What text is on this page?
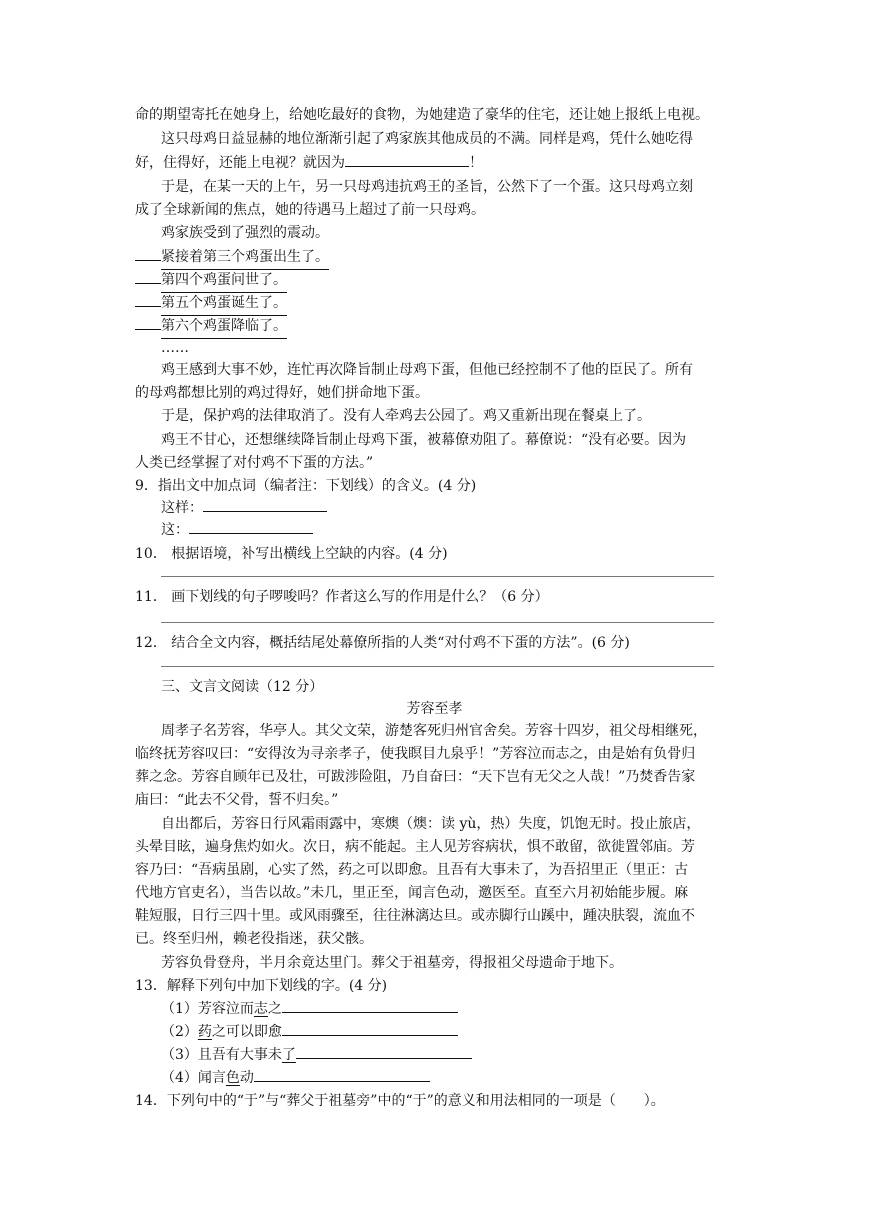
命的期望寄托在她身上，给她吃最好的食物，为她建造了豪华的住宅，还让她上报纸上电视。
这只母鸡日益显赫的地位渐渐引起了鸡家族其他成员的不满。同样是鸡，凭什么她吃得
好，住得好，还能上电视？就因为	！
于是，在某一天的上午，另一只母鸡违抗鸡王的圣旨，公然下了一个蛋。这只母鸡立刻
成了全球新闻的焦点，她的待遇马上超过了前一只母鸡。
鸡家族受到了强烈的震动。
紧接着第三个鸡蛋出生了。
第四个鸡蛋问世了。
第五个鸡蛋诞生了。
第六个鸡蛋降临了。
……
鸡王感到大事不妙，连忙再次降旨制止母鸡下蛋，但他已经控制不了他的臣民了。所有
的母鸡都想比别的鸡过得好，她们拼命地下蛋。
于是，保护鸡的法律取消了。没有人牵鸡去公园了。鸡又重新出现在餐桌上了。
鸡王不甘心，还想继续降旨制止母鸡下蛋，被幕僚劝阻了。幕僚说：“没有必要。因为
人类已经掌握了对付鸡不下蛋的方法。”
9．指出文中加点词（编者注：下划线）的含义。(4 分)
这样：
这：
10． 根据语境，补写出横线上空缺的内容。(4 分)
11． 画下划线的句子啰唆吗？作者这么写的作用是什么？（6 分）
12． 结合全文内容，概括结尾处幕僚所指的人类“对付鸡不下蛋的方法”。(6 分)
三、文言文阅读（12 分）
芳容至孝
周孝子名芳容，华亭人。其父文荣，游楚客死归州官舍矣。芳容十四岁，祖父母相继死，
临终抚芳容叹曰：“安得汝为寻亲孝子，使我瞑目九泉乎！”芳容泣而志之，由是始有负骨归
葬之念。芳容自顾年已及壮，可跋涉险阻，乃自奋曰：“天下岂有无父之人哉！”乃焚香告家
庙曰：“此去不父骨，誓不归矣。”
自出都后，芳容日行风霜雨露中，寒燠（燠：读 yù，热）失度，饥饱无时。投止旅店，
头晕目眩，遍身焦灼如火。次日，病不能起。主人见芳容病状，惧不敢留，欲徙置邻庙。芳
容乃曰：“吾病虽剧，心实了然，药之可以即愈。且吾有大事未了，为吾招里正（里正：古
代地方官吏名），当告以故。”未几，里正至，闻言色动，邀医至。直至六月初始能步履。麻
鞋短服，日行三四十里。或风雨骤至，往往淋漓达旦。或赤脚行山蹊中，踵决肤裂，流血不
已。终至归州，赖老役指迷，获父骸。
芳容负骨登舟，半月余竟达里门。葬父于祖墓旁，得报祖父母遗命于地下。
13．解释下列句中加下划线的字。(4 分)
（1）芳容泣而志之
（2）药之可以即愈
（3）且吾有大事未了
（4）闻言色动
14．下列句中的“于”与“葬父于祖墓旁”中的“于”的意义和用法相同的一项是（　　）。
